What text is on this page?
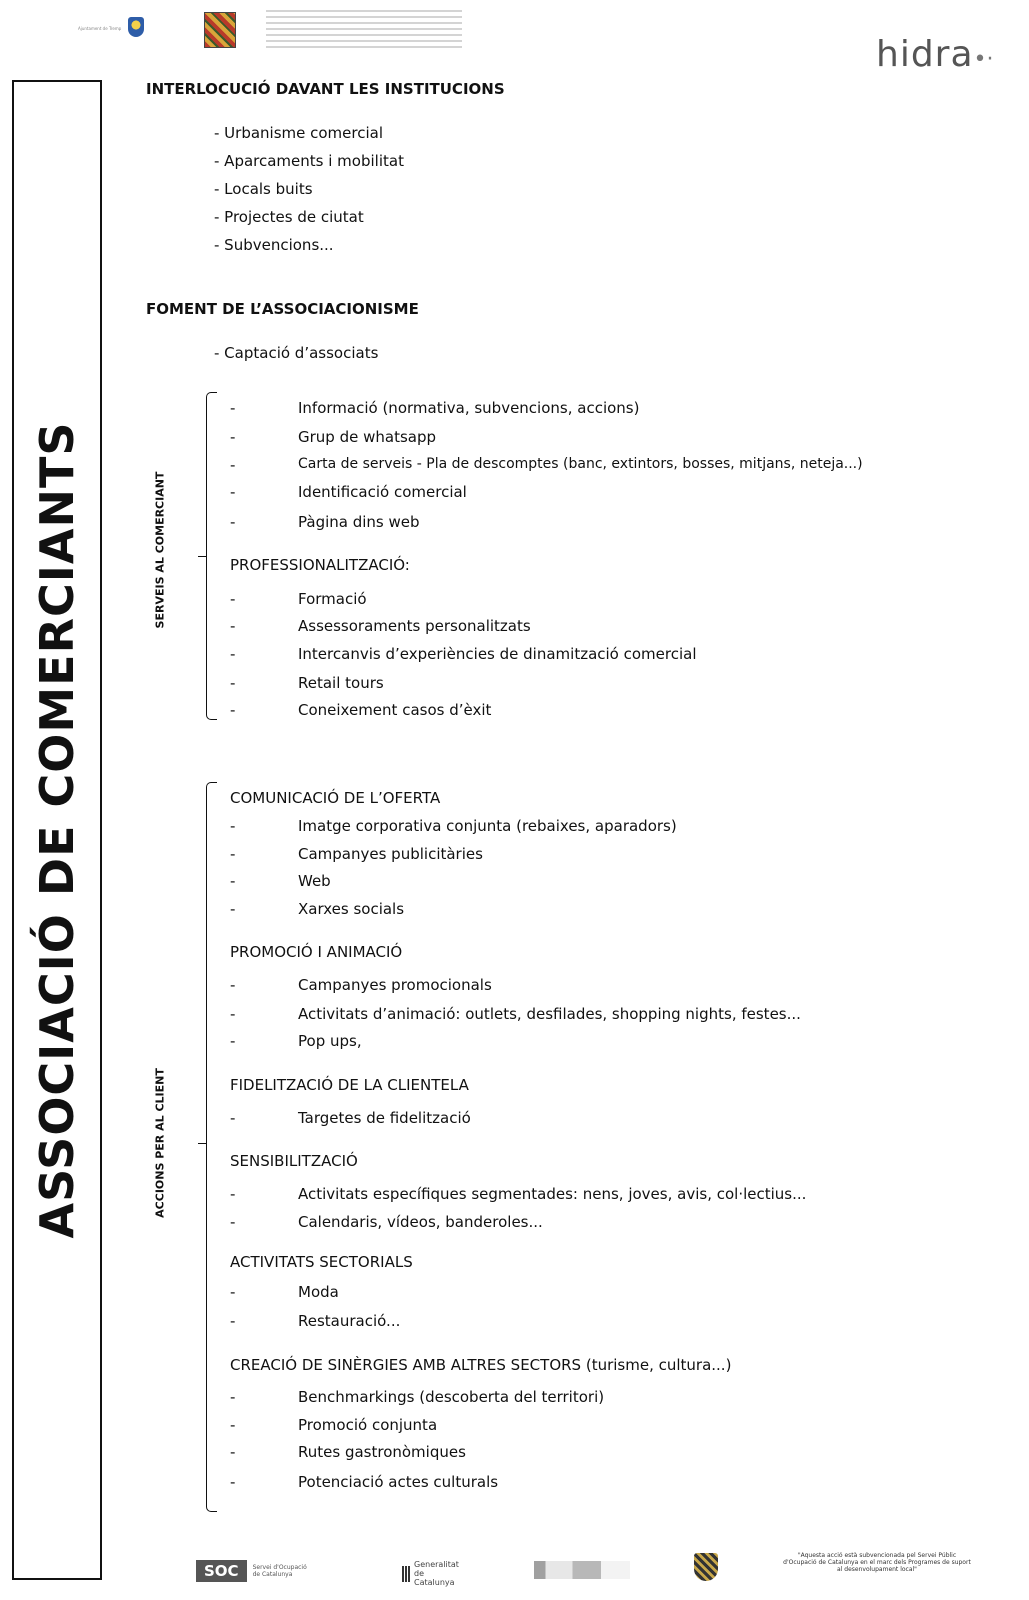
Ajuntament de Tremp
hidra•·
ASSOCIACIÓ DE COMERCIANTS
INTERLOCUCIÓ DAVANT LES INSTITUCIONS
- Urbanisme comercial
- Aparcaments i mobilitat
- Locals buits
- Projectes de ciutat
- Subvencions...
FOMENT DE L’ASSOCIACIONISME
- Captació d’associats
SERVEIS AL COMERCIANT
-	Informació (normativa, subvencions, accions)
-	Grup de whatsapp
-	Carta de serveis - Pla de descomptes (banc, extintors, bosses, mitjans, neteja...)
-	Identificació comercial
-	Pàgina dins web
PROFESSIONALITZACIÓ:
-	Formació
-	Assessoraments personalitzats
-	Intercanvis d’experiències de dinamització comercial
-	Retail tours
-	Coneixement casos d’èxit
ACCIONS PER AL CLIENT
COMUNICACIÓ DE L’OFERTA
-	Imatge corporativa conjunta (rebaixes, aparadors)
-	Campanyes publicitàries
-	Web
-	Xarxes socials
PROMOCIÓ I ANIMACIÓ
-	Campanyes promocionals
-	Activitats d’animació: outlets, desfilades, shopping nights, festes...
-	Pop ups,
FIDELITZACIÓ DE LA CLIENTELA
-	Targetes de fidelització
SENSIBILITZACIÓ
-	Activitats específiques segmentades: nens, joves, avis, col·lectius...
-	Calendaris, vídeos, banderoles...
ACTIVITATS SECTORIALS
-	Moda
-	Restauració...
CREACIÓ DE SINÈRGIES AMB ALTRES SECTORS (turisme, cultura...)
-	Benchmarkings (descoberta del territori)
-	Promoció conjunta
-	Rutes gastronòmiques
-	Potenciació actes culturals
SOC	Servei d'Ocupació de Catalunya
Generalitat de Catalunya
"Aquesta acció està subvencionada pel Servei Públic d'Ocupació de Catalunya en el marc dels Programes de suport al desenvolupament local"
